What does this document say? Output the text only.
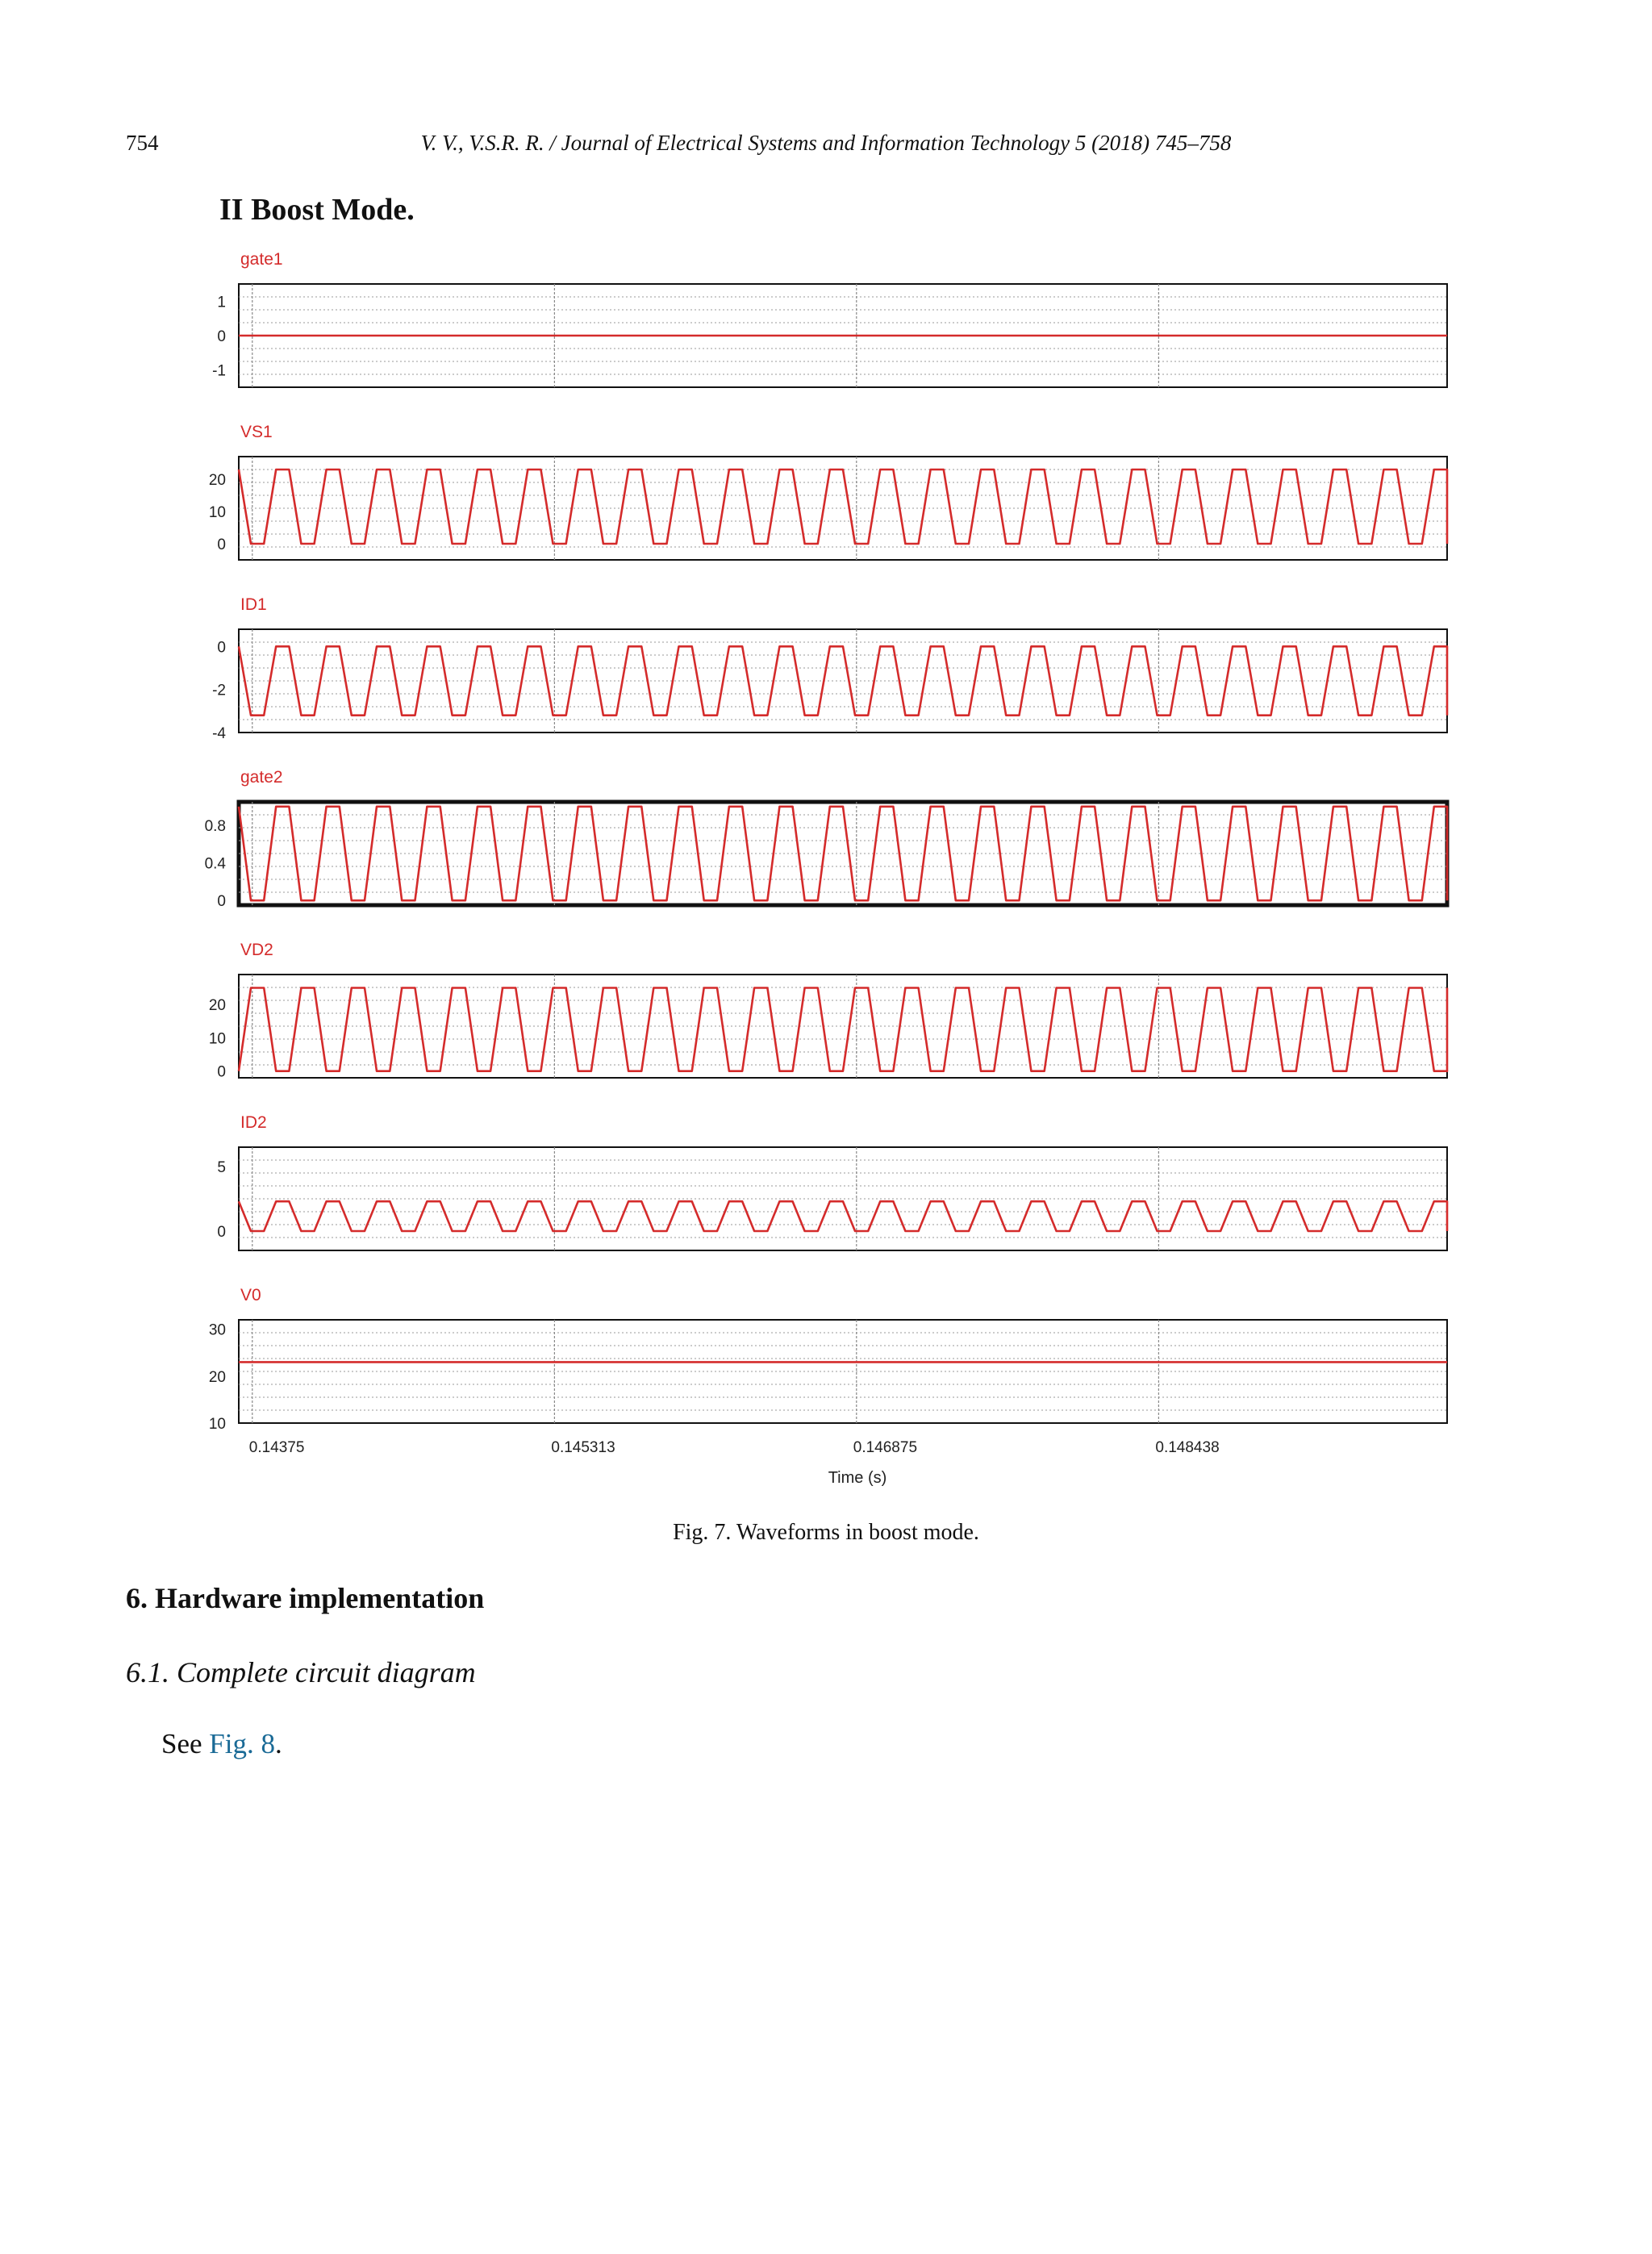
754	V. V., V.S.R. R. / Journal of Electrical Systems and Information Technology 5 (2018) 745–758
II Boost Mode.
gate1
1
0
-1
VS1
20
10
0
ID1
0
-2
-4
gate2
0.8
0.4
0
VD2
20
10
0
ID2
5
0
V0
30
20
10
0.14375	0.145313	0.146875	0.148438
Time (s)
Fig. 7. Waveforms in boost mode.
6. Hardware implementation
6.1. Complete circuit diagram
See Fig. 8.
